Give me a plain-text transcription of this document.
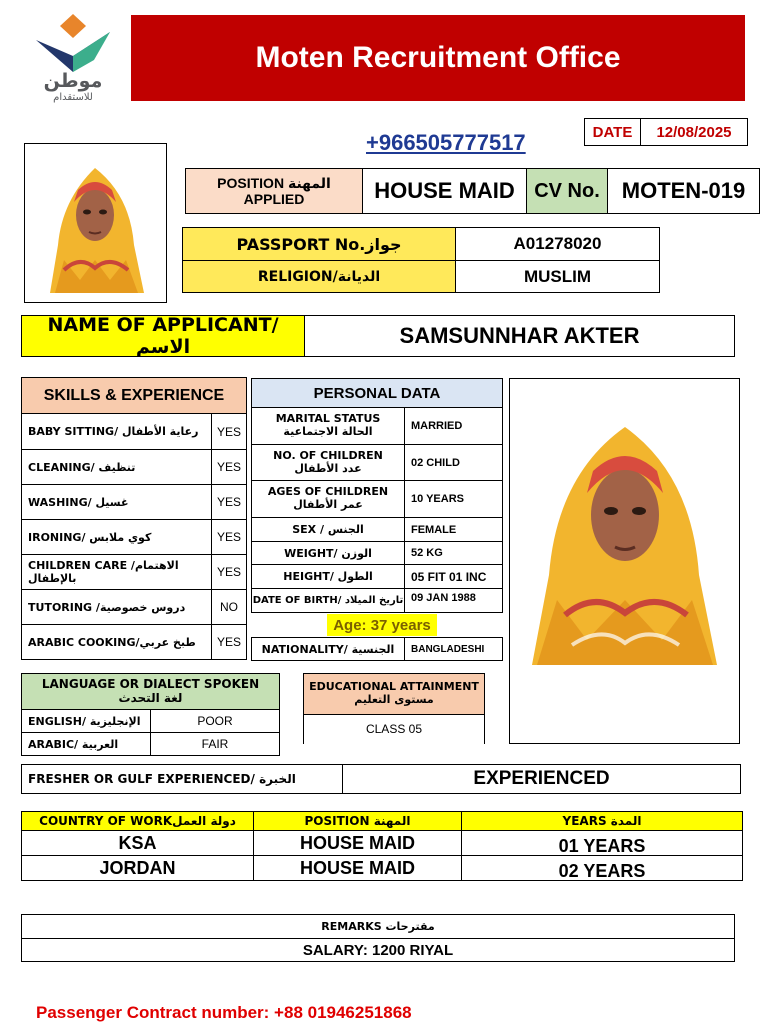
موطن
للاستقدام
Moten Recruitment Office
DATE	12/08/2025
+966505777517
POSITION المهنة
APPLIED	HOUSE MAID CV No. MOTEN-019
PASSPORT No.جواز	A01278020
RELIGION/الديانة	MUSLIM
NAME OF APPLICANT/ الاسم	SAMSUNNHAR AKTER
SKILLS & EXPERIENCE
BABY SITTING/ رعاية الأطفال	YES
CLEANING/ تنظيف	YES
WASHING/ غسيل	YES
IRONING/ كوي ملابس	YES
CHILDREN CARE /الاهتمام بالإطفال	YES
TUTORING /دروس خصوصية	NO
ARABIC COOKING/طبخ عربي	YES
PERSONAL DATA
MARITAL STATUS
الحالة الاجتماعية	MARRIED
NO. OF CHILDREN
عدد الأطفال	02 CHILD
AGES OF CHILDREN
عمر الأطفال	10 YEARS
SEX / الجنس	FEMALE
WEIGHT/ الوزن	52 KG
HEIGHT/ الطول	05 FIT 01 INC
DATE OF BIRTH/ تاريخ الميلاد 09 JAN 1988
Age: 37 years
NATIONALITY/ الجنسية	BANGLADESHI
LANGUAGE OR DIALECT SPOKEN
لغة التحدث
ENGLISH/ الإنجليزية	POOR
ARABIC/ العربية	FAIR
EDUCATIONAL ATTAINMENT
مستوى التعليم
CLASS 05
FRESHER OR GULF EXPERIENCED/ الخبرة	EXPERIENCED
COUNTRY OF WORKدولة العمل	POSITION المهنة	YEARS المدة
KSA	HOUSE MAID	01 YEARS
JORDAN	HOUSE MAID	02 YEARS
REMARKS مقترحات
SALARY: 1200 RIYAL
Passenger Contract number: +88 01946251868
